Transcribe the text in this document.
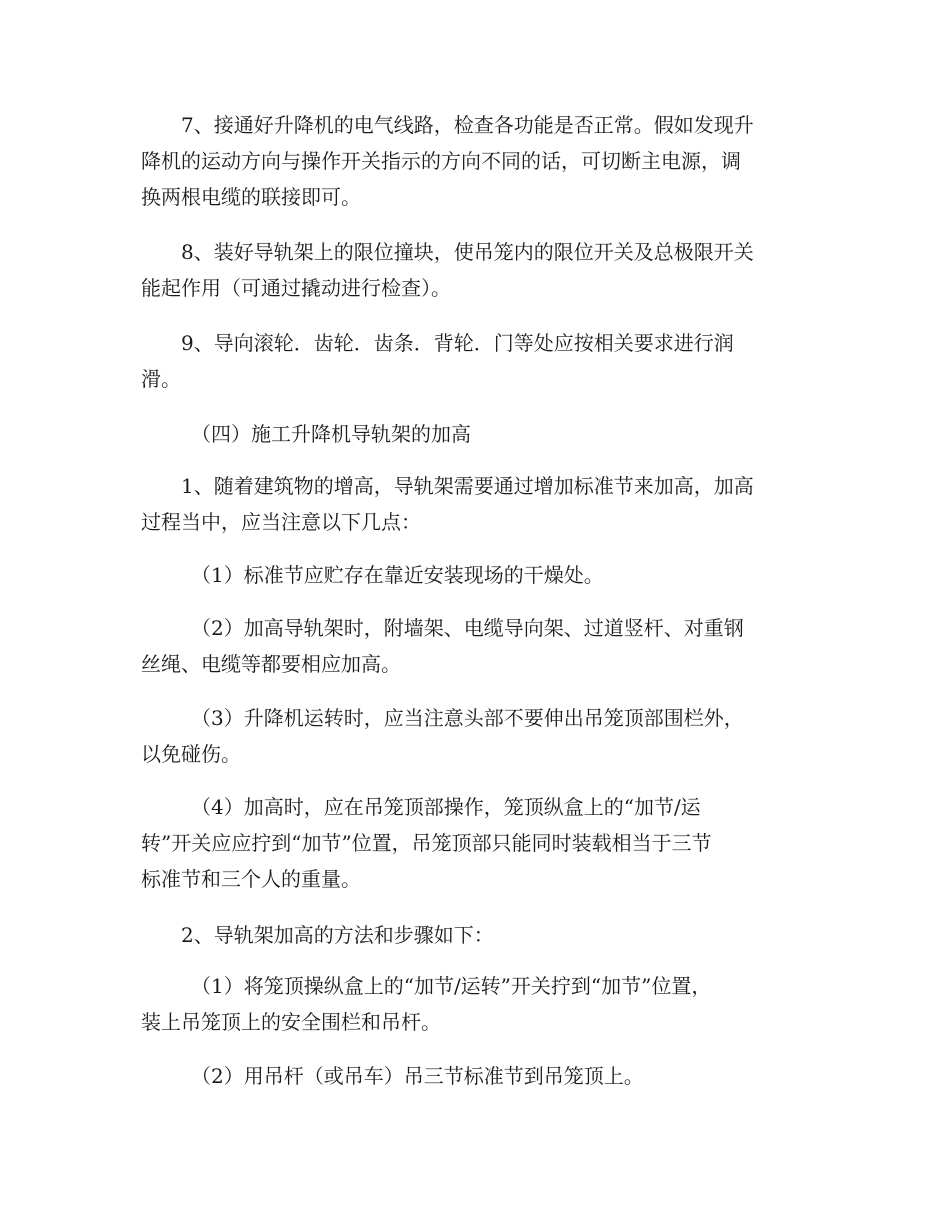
　　7、接通好升降机的电气线路，检查各功能是否正常。假如发现升
降机的运动方向与操作开关指示的方向不同的话，可切断主电源，调
换两根电缆的联接即可。

　　8、装好导轨架上的限位撞块，使吊笼内的限位开关及总极限开关
能起作用（可通过撬动进行检查）。

　　9、导向滚轮．齿轮．齿条．背轮．门等处应按相关要求进行润
滑。

　　　（四）施工升降机导轨架的加高

　　1、随着建筑物的增高，导轨架需要通过增加标准节来加高，加高
过程当中，应当注意以下几点：

　　　（1）标准节应贮存在靠近安装现场的干燥处。

　　　（2）加高导轨架时，附墙架、电缆导向架、过道竖杆、对重钢
丝绳、电缆等都要相应加高。

　　　（3）升降机运转时，应当注意头部不要伸出吊笼顶部围栏外，
以免碰伤。

　　　（4）加高时，应在吊笼顶部操作，笼顶纵盒上的“加节/运
转”开关应应拧到“加节”位置，吊笼顶部只能同时装载相当于三节
标准节和三个人的重量。

　　2、导轨架加高的方法和步骤如下：

　　　（1）将笼顶操纵盒上的“加节/运转”开关拧到“加节”位置，
装上吊笼顶上的安全围栏和吊杆。

　　　（2）用吊杆（或吊车）吊三节标准节到吊笼顶上。
